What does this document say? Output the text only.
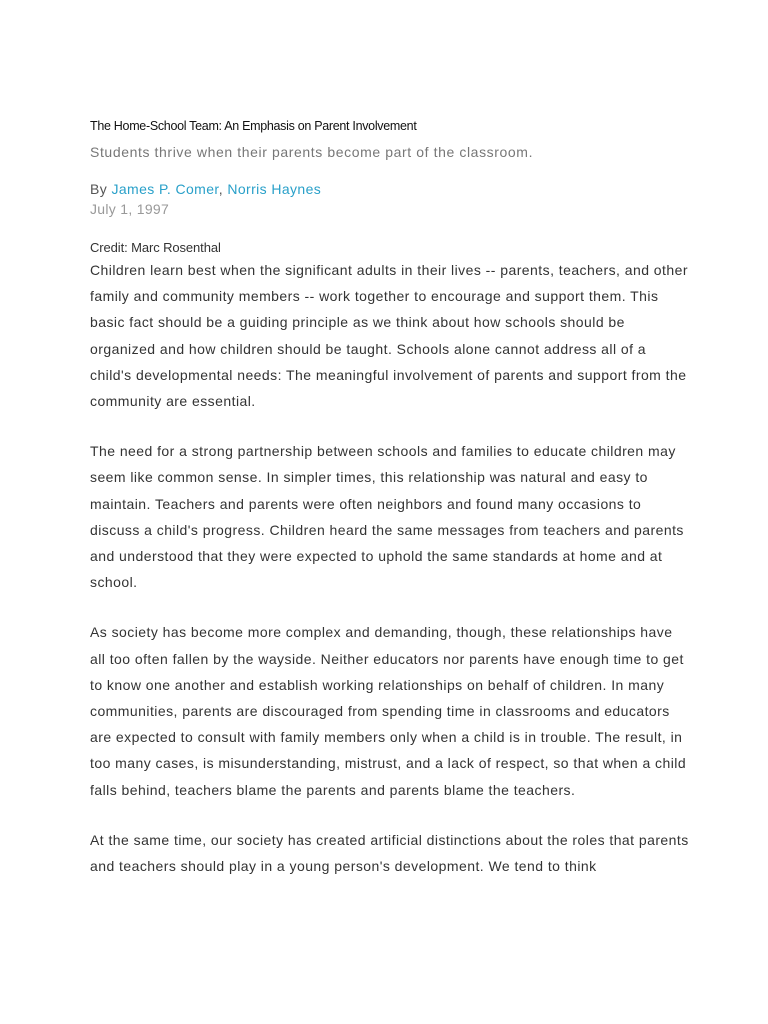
The Home-School Team: An Emphasis on Parent Involvement
Students thrive when their parents become part of the classroom.
By James P. Comer, Norris Haynes
July 1, 1997
Credit: Marc Rosenthal

Children learn best when the significant adults in their lives -- parents, teachers, and other family and community members -- work together to encourage and support them. This basic fact should be a guiding principle as we think about how schools should be organized and how children should be taught. Schools alone cannot address all of a child's developmental needs: The meaningful involvement of parents and support from the community are essential.

The need for a strong partnership between schools and families to educate children may seem like common sense. In simpler times, this relationship was natural and easy to maintain. Teachers and parents were often neighbors and found many occasions to discuss a child's progress. Children heard the same messages from teachers and parents and understood that they were expected to uphold the same standards at home and at school.

As society has become more complex and demanding, though, these relationships have all too often fallen by the wayside. Neither educators nor parents have enough time to get to know one another and establish working relationships on behalf of children. In many communities, parents are discouraged from spending time in classrooms and educators are expected to consult with family members only when a child is in trouble. The result, in too many cases, is misunderstanding, mistrust, and a lack of respect, so that when a child falls behind, teachers blame the parents and parents blame the teachers.

At the same time, our society has created artificial distinctions about the roles that parents and teachers should play in a young person's development. We tend to think
